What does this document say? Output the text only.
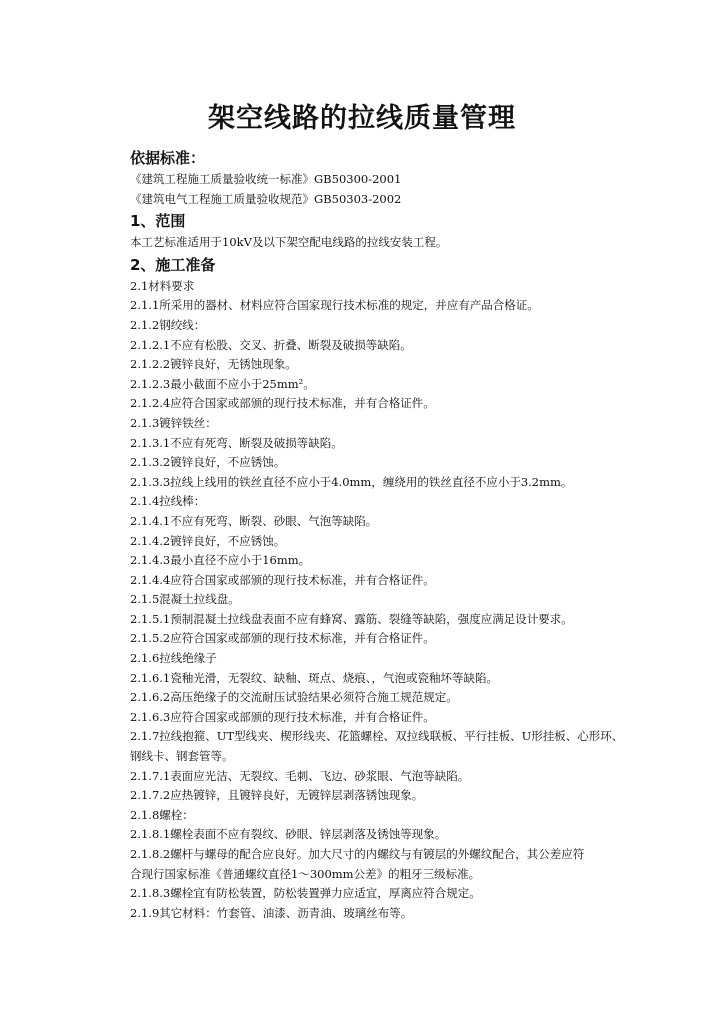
架空线路的拉线质量管理
依据标准：
《建筑工程施工质量验收统一标准》GB50300-2001
《建筑电气工程施工质量验收规范》GB50303-2002
1、范围
本工艺标准适用于10kV及以下架空配电线路的拉线安装工程。
2、施工准备
2.1材料要求
2.1.1所采用的器材、材料应符合国家现行技术标准的规定，并应有产品合格证。
2.1.2钢绞线：
2.1.2.1不应有松股、交叉、折叠、断裂及破损等缺陷。
2.1.2.2镀锌良好，无锈蚀现象。
2.1.2.3最小截面不应小于25mm²。
2.1.2.4应符合国家或部颁的现行技术标准，并有合格证件。
2.1.3镀锌铁丝：
2.1.3.1不应有死弯、断裂及破损等缺陷。
2.1.3.2镀锌良好，不应锈蚀。
2.1.3.3拉线上线用的铁丝直径不应小于4.0mm，缠绕用的铁丝直径不应小于3.2mm。
2.1.4拉线棒：
2.1.4.1不应有死弯、断裂、砂眼、气泡等缺陷。
2.1.4.2镀锌良好，不应锈蚀。
2.1.4.3最小直径不应小于16mm。
2.1.4.4应符合国家或部颁的现行技术标准，并有合格证件。
2.1.5混凝土拉线盘。
2.1.5.1预制混凝土拉线盘表面不应有蜂窝、露筋、裂缝等缺陷，强度应满足设计要求。
2.1.5.2应符合国家或部颁的现行技术标准，并有合格证件。
2.1.6拉线绝缘子
2.1.6.1瓷釉光滑，无裂纹、缺釉、斑点、烧痕、，气泡或瓷釉坏等缺陷。
2.1.6.2高压绝缘子的交流耐压试验结果必须符合施工规范规定。
2.1.6.3应符合国家或部颁的现行技术标准，并有合格证件。
2.1.7拉线抱箍、UT型线夹、楔形线夹、花篮螺栓、双拉线联板、平行挂板、U形挂板、心形环、
钢线卡、钢套管等。
2.1.7.1表面应光洁、无裂纹、毛刺、飞边、砂浆眼、气泡等缺陷。
2.1.7.2应热镀锌，且镀锌良好，无镀锌层剥落锈蚀现象。
2.1.8螺栓：
2.1.8.1螺栓表面不应有裂纹、砂眼、锌层剥落及锈蚀等现象。
2.1.8.2螺杆与螺母的配合应良好。加大尺寸的内螺纹与有镀层的外螺纹配合，其公差应符
合现行国家标准《普通螺纹直径1～300mm公差》的粗牙三级标准。
2.1.8.3螺栓宜有防松装置，防松装置弹力应适宜，厚离应符合规定。
2.1.9其它材料：竹套管、油漆、沥青油、玻璃丝布等。
